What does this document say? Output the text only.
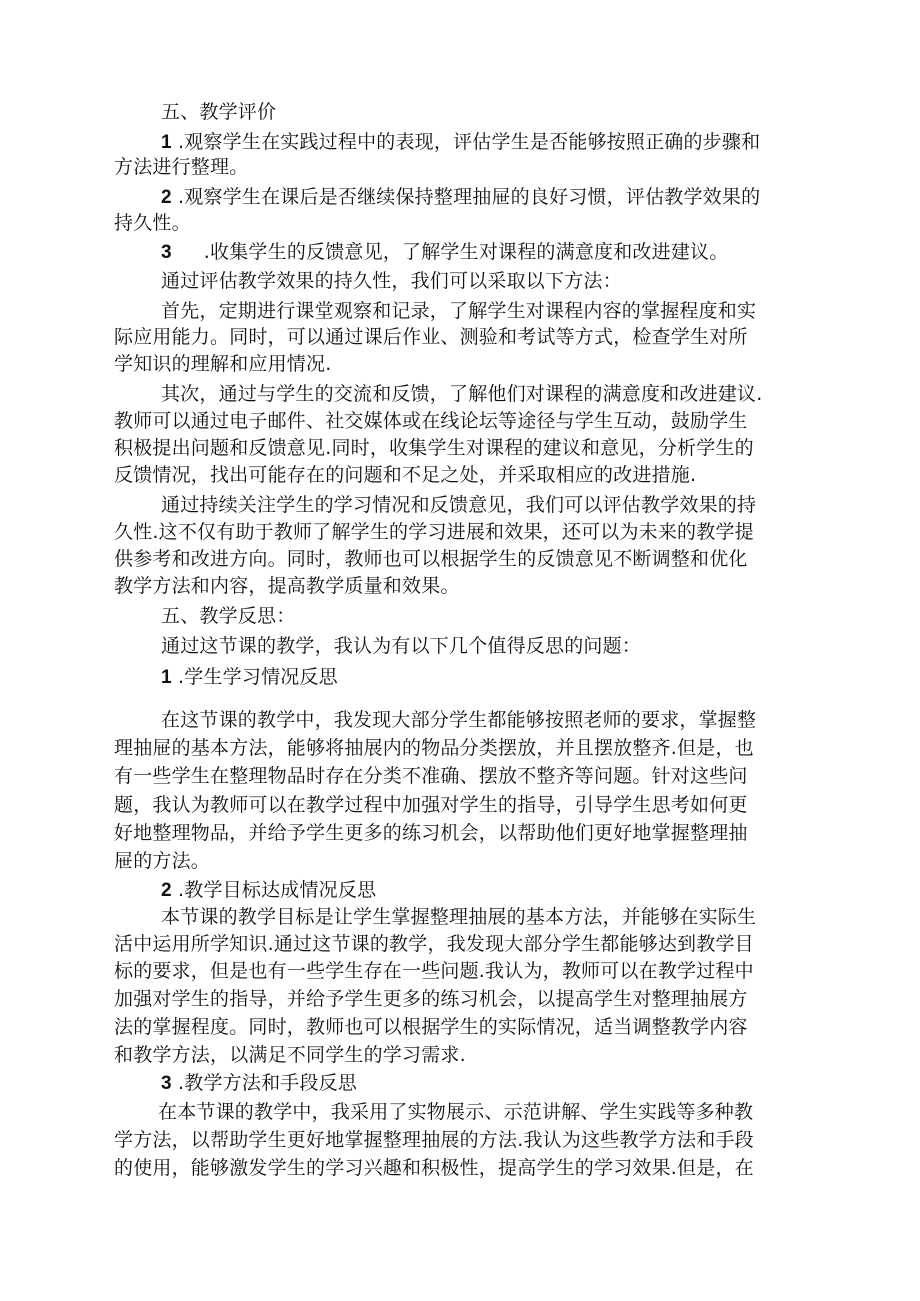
五、教学评价

1 .观察学生在实践过程中的表现，评估学生是否能够按照正确的步骤和

方法进行整理。

2 .观察学生在课后是否继续保持整理抽屉的良好习惯，评估教学效果的

持久性。

3 .收集学生的反馈意见，了解学生对课程的满意度和改进建议。

通过评估教学效果的持久性，我们可以采取以下方法：

首先，定期进行课堂观察和记录，了解学生对课程内容的掌握程度和实

际应用能力。同时，可以通过课后作业、测验和考试等方式，检查学生对所

学知识的理解和应用情况.

其次，通过与学生的交流和反馈，了解他们对课程的满意度和改进建议.

教师可以通过电子邮件、社交媒体或在线论坛等途径与学生互动，鼓励学生

积极提出问题和反馈意见.同时，收集学生对课程的建议和意见，分析学生的

反馈情况，找出可能存在的问题和不足之处，并采取相应的改进措施.

通过持续关注学生的学习情况和反馈意见，我们可以评估教学效果的持

久性.这不仅有助于教师了解学生的学习进展和效果，还可以为未来的教学提

供参考和改进方向。同时，教师也可以根据学生的反馈意见不断调整和优化

教学方法和内容，提高教学质量和效果。

五、教学反思：

通过这节课的教学，我认为有以下几个值得反思的问题：

1 .学生学习情况反思

在这节课的教学中，我发现大部分学生都能够按照老师的要求，掌握整

理抽屉的基本方法，能够将抽展内的物品分类摆放，并且摆放整齐.但是，也

有一些学生在整理物品时存在分类不准确、摆放不整齐等问题。针对这些问

题，我认为教师可以在教学过程中加强对学生的指导，引导学生思考如何更

好地整理物品，并给予学生更多的练习机会，以帮助他们更好地掌握整理抽

屉的方法。

2 .教学目标达成情况反思

本节课的教学目标是让学生掌握整理抽展的基本方法，并能够在实际生

活中运用所学知识.通过这节课的教学，我发现大部分学生都能够达到教学目

标的要求，但是也有一些学生存在一些问题.我认为，教师可以在教学过程中

加强对学生的指导，并给予学生更多的练习机会，以提高学生对整理抽展方

法的掌握程度。同时，教师也可以根据学生的实际情况，适当调整教学内容

和教学方法，以满足不同学生的学习需求.

3 .教学方法和手段反思

在本节课的教学中，我采用了实物展示、示范讲解、学生实践等多种教

学方法，以帮助学生更好地掌握整理抽展的方法.我认为这些教学方法和手段

的使用，能够激发学生的学习兴趣和积极性，提高学生的学习效果.但是，在
